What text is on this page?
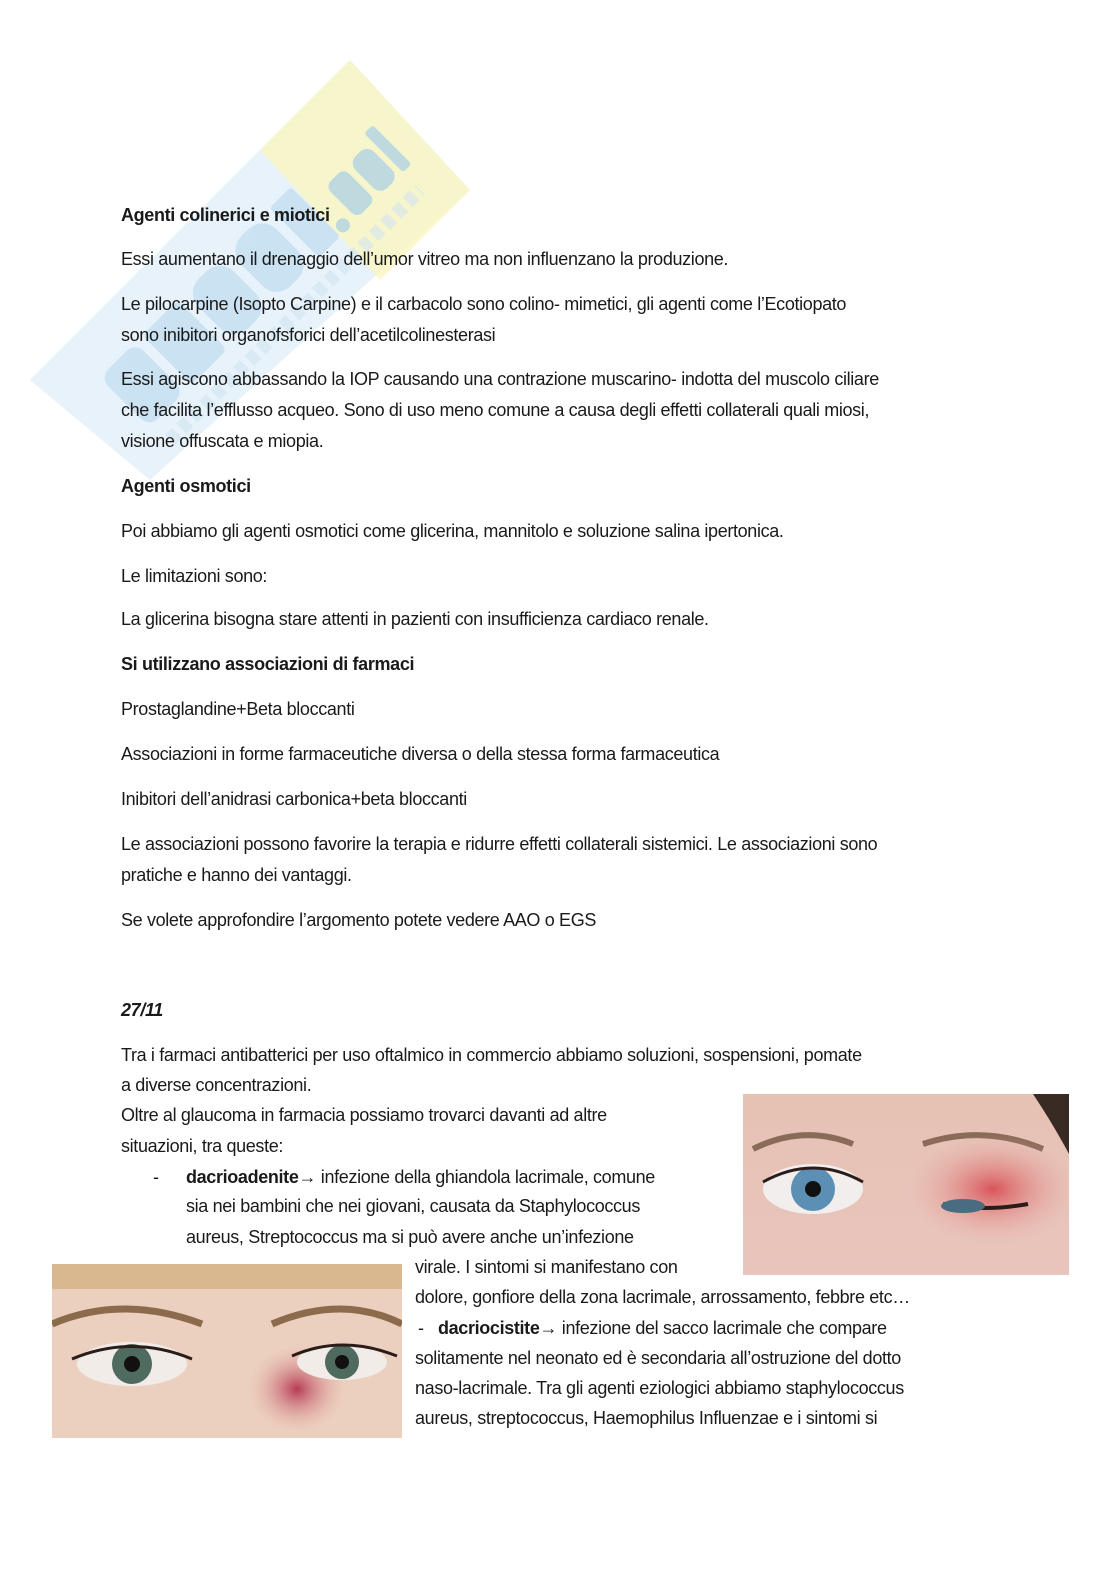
Agenti colinerici e miotici
Essi aumentano il drenaggio dell’umor vitreo ma non influenzano la produzione.
Le pilocarpine (Isopto Carpine) e il carbacolo sono colino- mimetici, gli agenti come l’Ecotiopato
sono inibitori organofsforici dell’acetilcolinesterasi
Essi agiscono abbassando la IOP causando una contrazione muscarino- indotta del muscolo ciliare
che facilita l’efflusso acqueo. Sono di uso meno comune a causa degli effetti collaterali quali miosi,
visione offuscata e miopia.
Agenti osmotici
Poi abbiamo gli agenti osmotici come glicerina, mannitolo e soluzione salina ipertonica.
Le limitazioni sono:
La glicerina bisogna stare attenti in pazienti con insufficienza cardiaco renale.
Si utilizzano associazioni di farmaci
Prostaglandine+Beta bloccanti
Associazioni in forme farmaceutiche diversa o della stessa forma farmaceutica
Inibitori dell’anidrasi carbonica+beta bloccanti
Le associazioni possono favorire la terapia e ridurre effetti collaterali sistemici. Le associazioni sono
pratiche e hanno dei vantaggi.
Se volete approfondire l’argomento potete vedere AAO o EGS
27/11
Tra i farmaci antibatterici per uso oftalmico in commercio abbiamo soluzioni, sospensioni, pomate
a diverse concentrazioni.
Oltre al glaucoma in farmacia possiamo trovarci davanti ad altre
situazioni, tra queste:
- dacrioadenite→ infezione della ghiandola lacrimale, comune
sia nei bambini che nei giovani, causata da Staphylococcus
aureus, Streptococcus ma si può avere anche un’infezione
virale. I sintomi si manifestano con
dolore, gonfiore della zona lacrimale, arrossamento, febbre etc…
- dacriocistite→ infezione del sacco lacrimale che compare
solitamente nel neonato ed è secondaria all’ostruzione del dotto
naso-lacrimale. Tra gli agenti eziologici abbiamo staphylococcus
aureus, streptococcus, Haemophilus Influenzae e i sintomi si
